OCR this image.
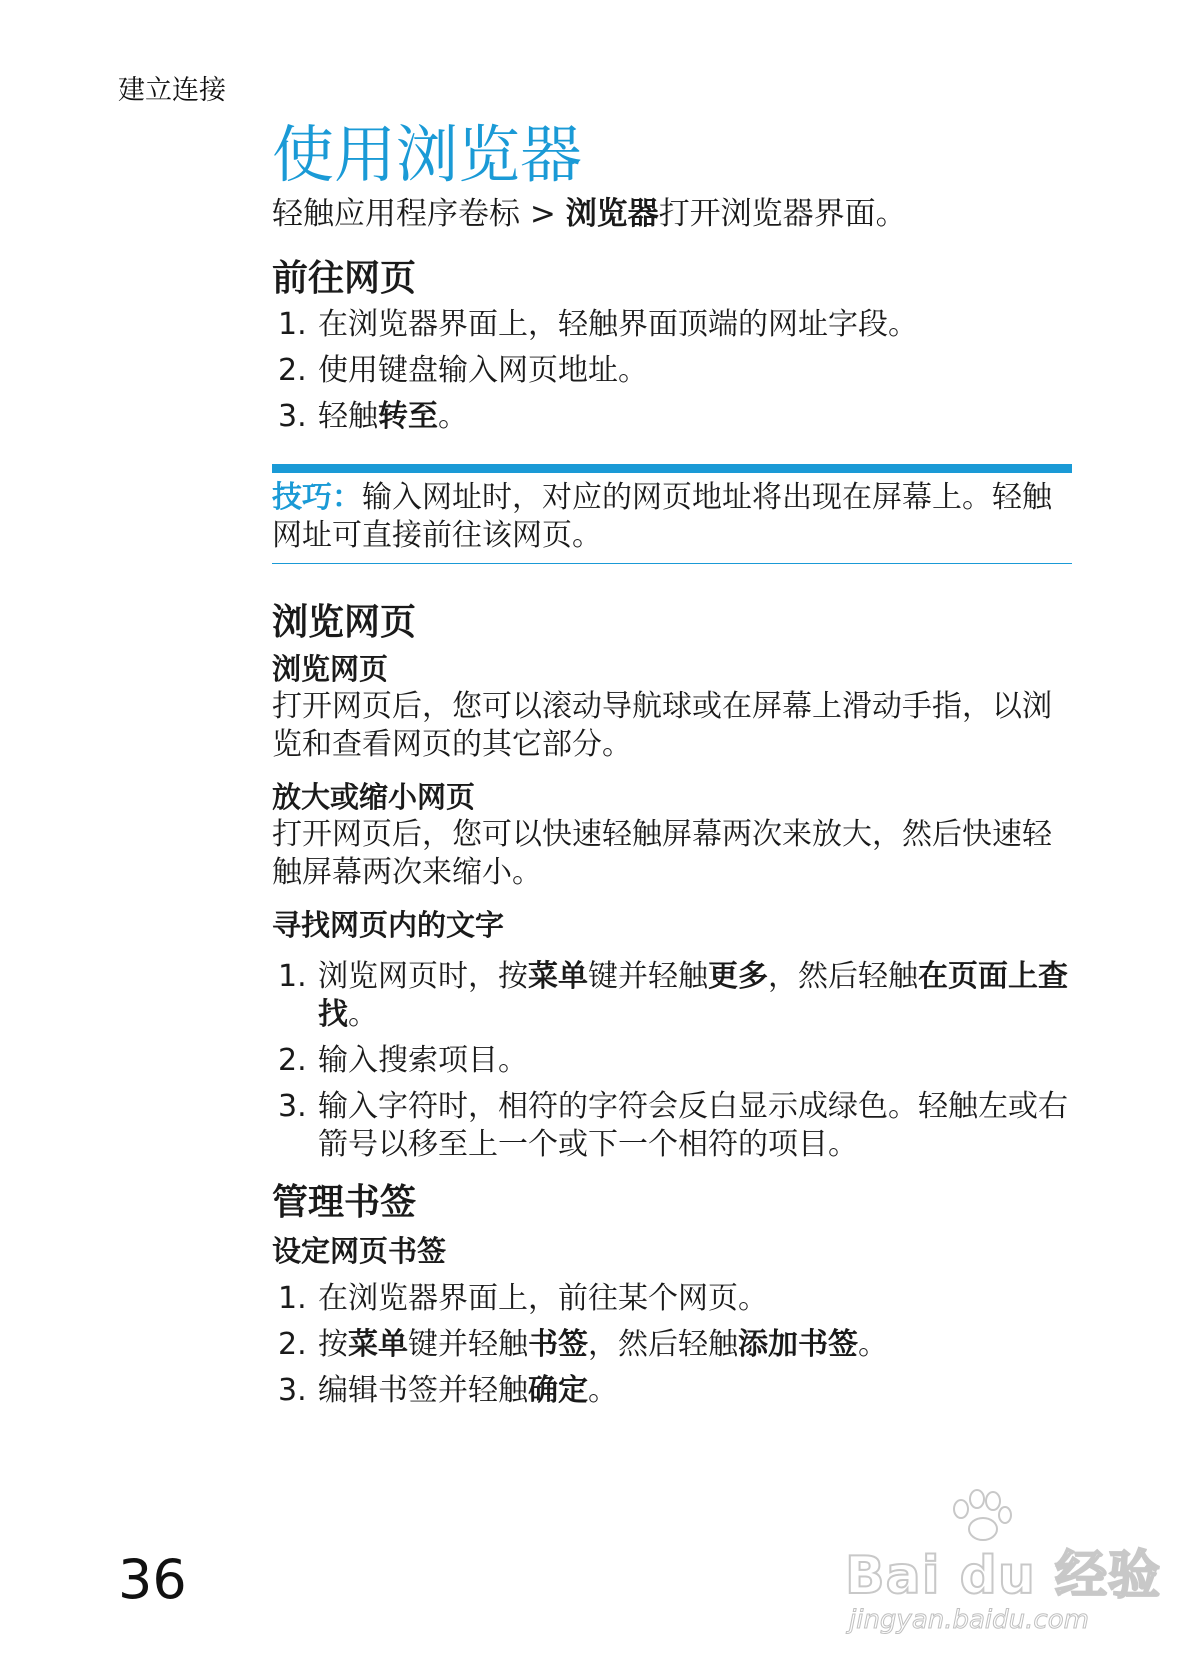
建立连接
使用浏览器

轻触应用程序卷标 > 浏览器打开浏览器界面。

前往网页
1. 在浏览器界面上，轻触界面顶端的网址字段。
2. 使用键盘输入网页地址。
3. 轻触转至。
技巧：输入网址时，对应的网页地址将出现在屏幕上。轻触网址可直接前往该网页。
浏览网页
浏览网页

打开网页后，您可以滚动导航球或在屏幕上滑动手指，以浏览和查看网页的其它部分。

放大或缩小网页

打开网页后，您可以快速轻触屏幕两次来放大，然后快速轻触屏幕两次来缩小。

寻找网页内的文字
1. 浏览网页时，按菜单键并轻触更多，然后轻触在页面上查找。
2. 输入搜索项目。
3. 输入字符时，相符的字符会反白显示成绿色。轻触左或右箭号以移至上一个或下一个相符的项目。
管理书签
设定网页书签
1. 在浏览器界面上，前往某个网页。
2. 按菜单键并轻触书签，然后轻触添加书签。
3. 编辑书签并轻触确定。
36	Bai du 经验
jingyan.baidu.com
